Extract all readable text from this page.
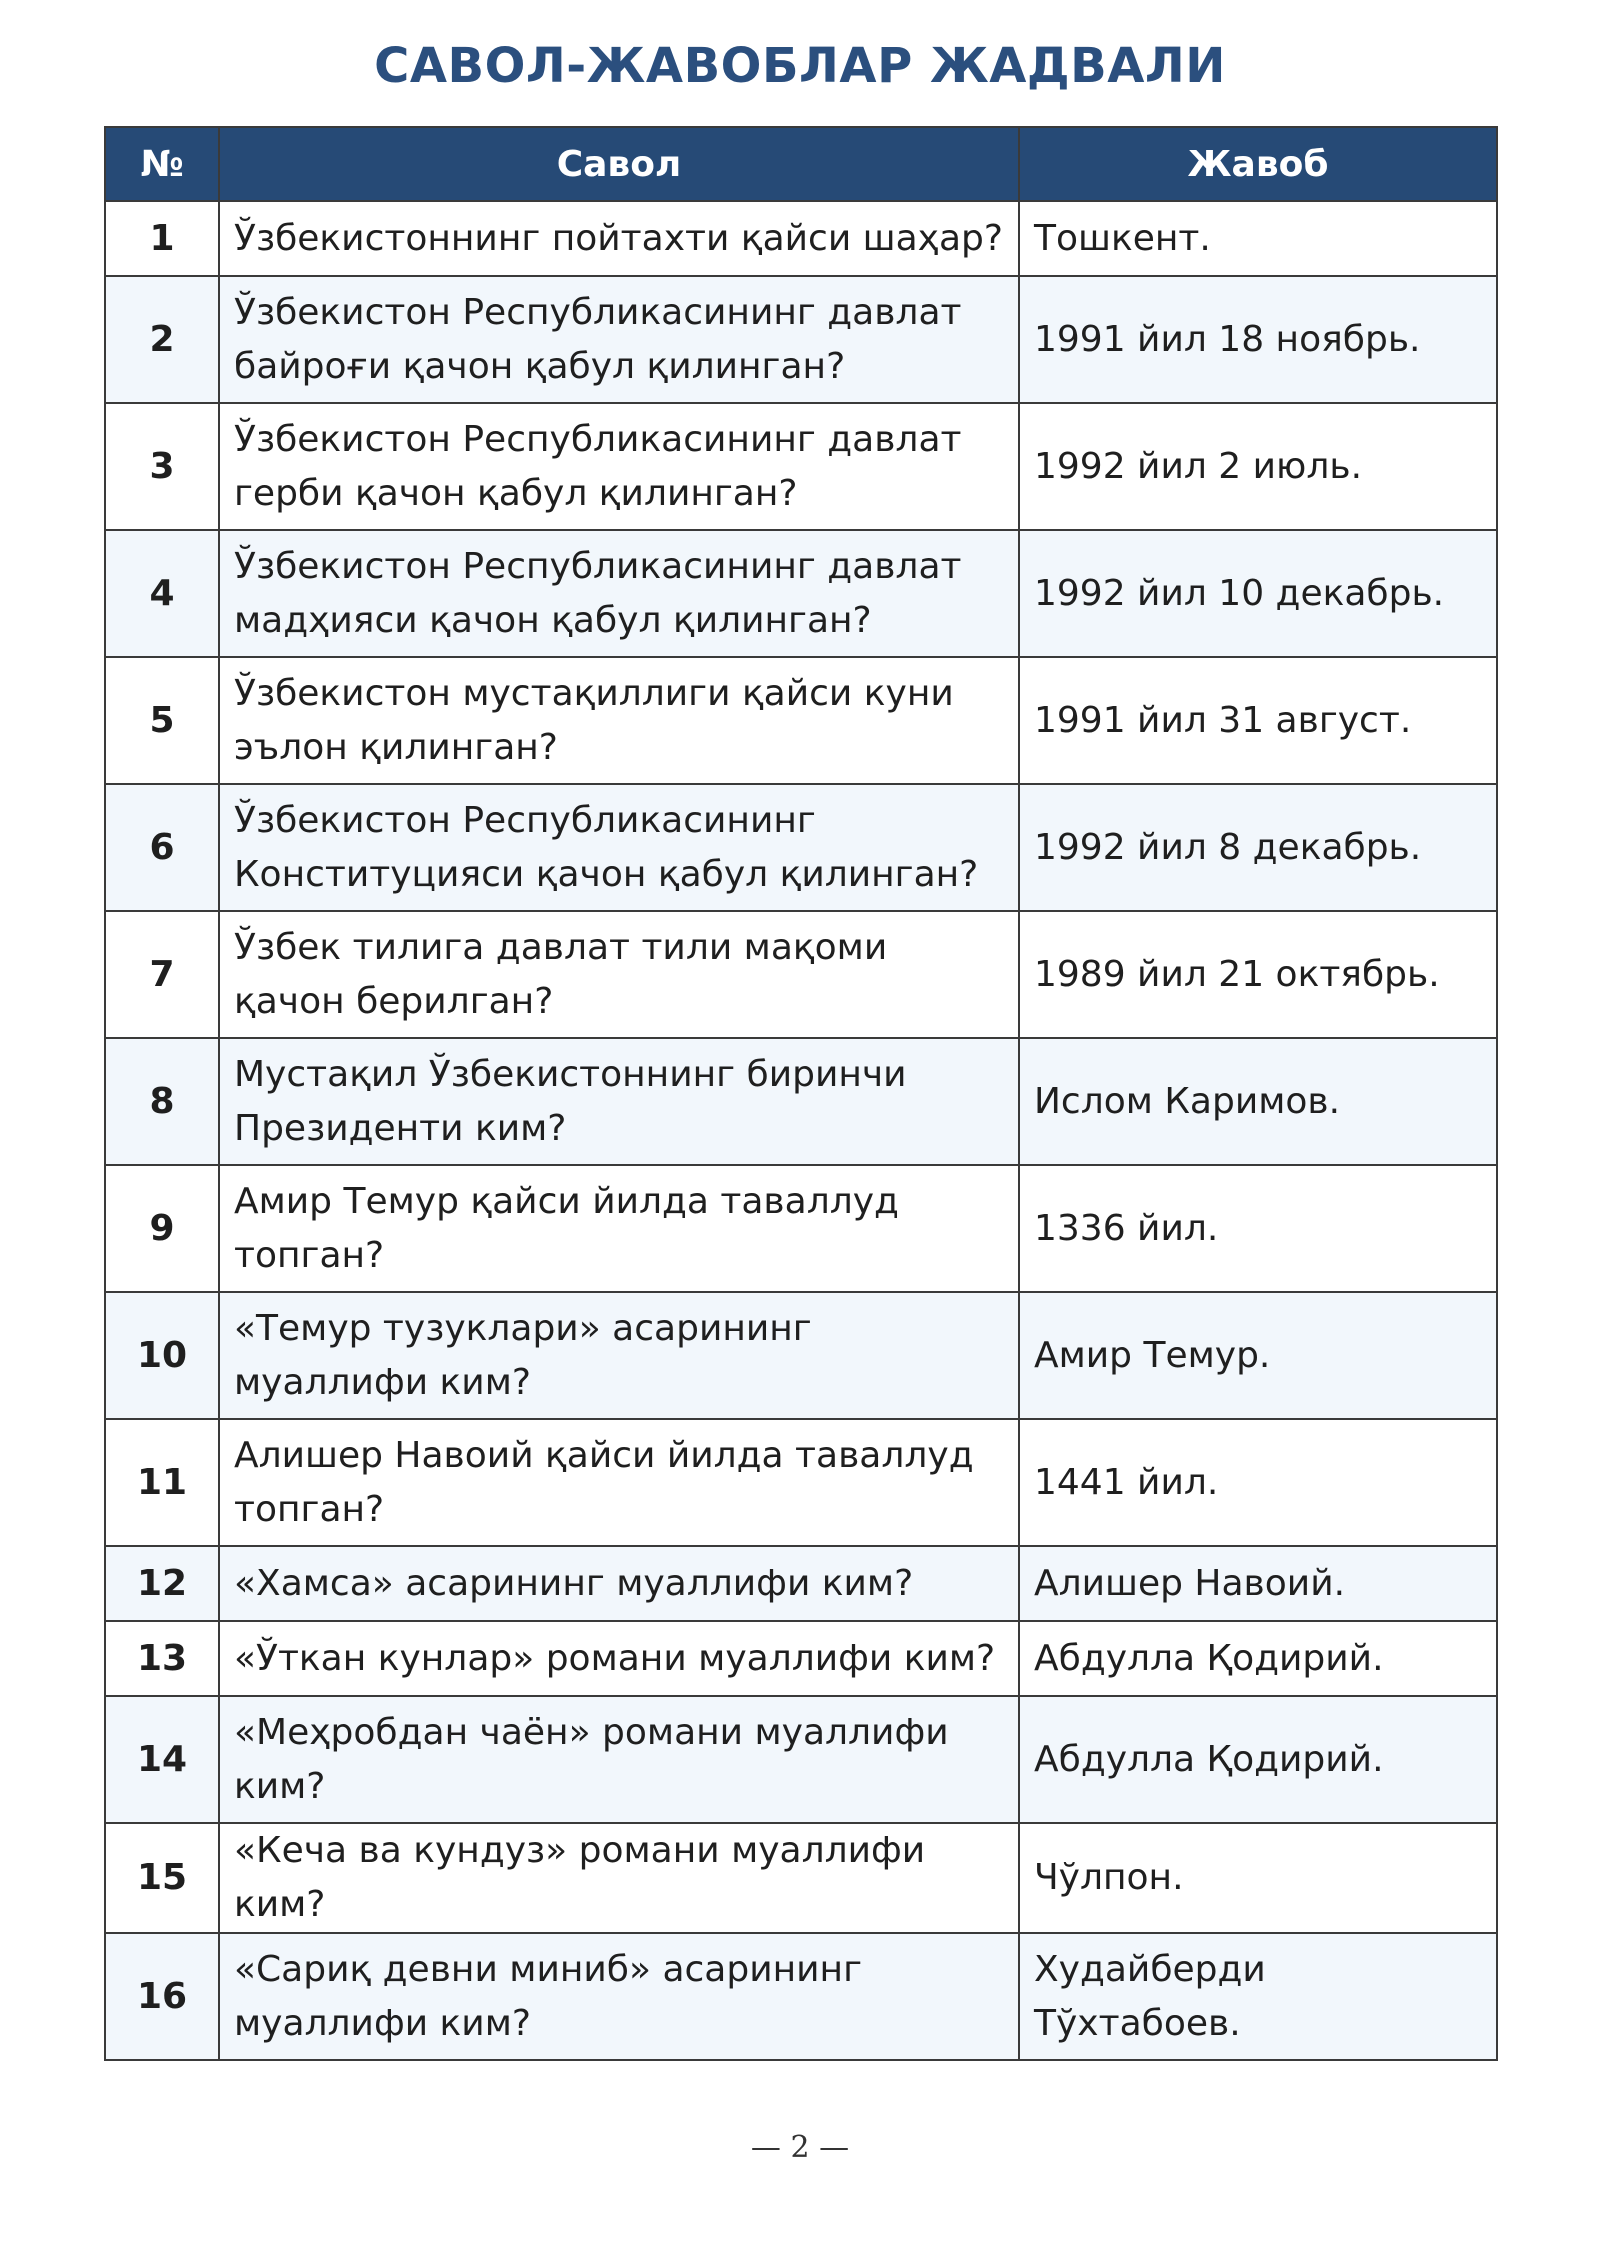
САВОЛ-ЖАВОБЛАР ЖАДВАЛИ
№	Савол	Жавоб
1	Ўзбекистоннинг пойтахти қайси шаҳар?	Тошкент.
2	Ўзбекистон Республикасининг давлат байроғи қачон қабул қилинган?	1991 йил 18 ноябрь.
3	Ўзбекистон Республикасининг давлат герби қачон қабул қилинган?	1992 йил 2 июль.
4	Ўзбекистон Республикасининг давлат мадҳияси қачон қабул қилинган?	1992 йил 10 декабрь.
5	Ўзбекистон мустақиллиги қайси куни эълон қилинган?	1991 йил 31 август.
6	Ўзбекистон Республикасининг Конституцияси қачон қабул қилинган?	1992 йил 8 декабрь.
7	Ўзбек тилига давлат тили мақоми қачон берилган?	1989 йил 21 октябрь.
8	Мустақил Ўзбекистоннинг биринчи Президенти ким?	Ислом Каримов.
9	Амир Темур қайси йилда таваллуд топган?	1336 йил.
10	«Темур тузуклари» асарининг муаллифи ким?	Амир Темур.
11	Алишер Навоий қайси йилда таваллуд топган?	1441 йил.
12	«Хамса» асарининг муаллифи ким?	Алишер Навоий.
13	«Ўткан кунлар» романи муаллифи ким?	Абдулла Қодирий.
14	«Меҳробдан чаён» романи муаллифи ким?	Абдулла Қодирий.
15	«Кеча ва кундуз» романи муаллифи ким?	Чўлпон.
16	«Сариқ девни миниб» асарининг муаллифи ким?	Худайберди Тўхтабоев.
— 2 —
